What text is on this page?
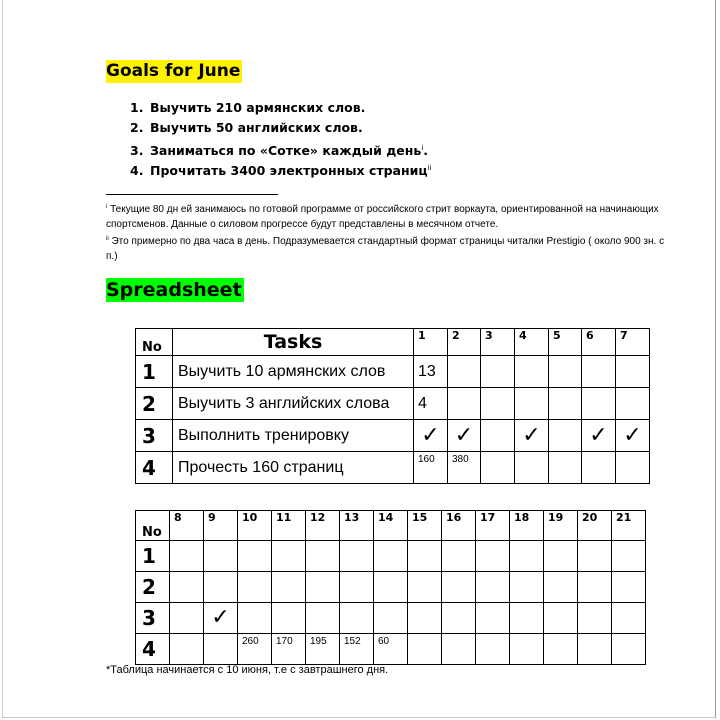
Goals for June
1. Выучить 210 армянских слов.
2. Выучить 50 английских слов.
3. Заниматься по «Сотке» каждый день$^i$.
4. Прочитать 3400 электронных страниц$^{ii}$
$^i$ Текущие 80 дн ей занимаюсь по готовой программе от российского стрит воркаута, ориентированной на начинающих спортсменов. Данные о силовом прогрессе будут представлены в месячном отчете.
$^{ii}$ Это примерно по два часа в день. Подразумевается стандартный формат страницы читалки Prestigio ( около 900 зн. с п.)
Spreadsheet
No	Tasks	1	2	3	4	5	6	7
1	Выучить 10 армянских слов	13						
2	Выучить 3 английских слова	4						
3	Выполнить тренировку	✓	✓		✓		✓	✓
4	Прочесть 160 страниц	160	380					
No	8	9	10	11	12	13	14	15	16	17	18	19	20	21
1														
2														
3		✓												
4			260	170	195	152	60							
*Таблица начинается с 10 июня, т.е с завтрашнего дня.
